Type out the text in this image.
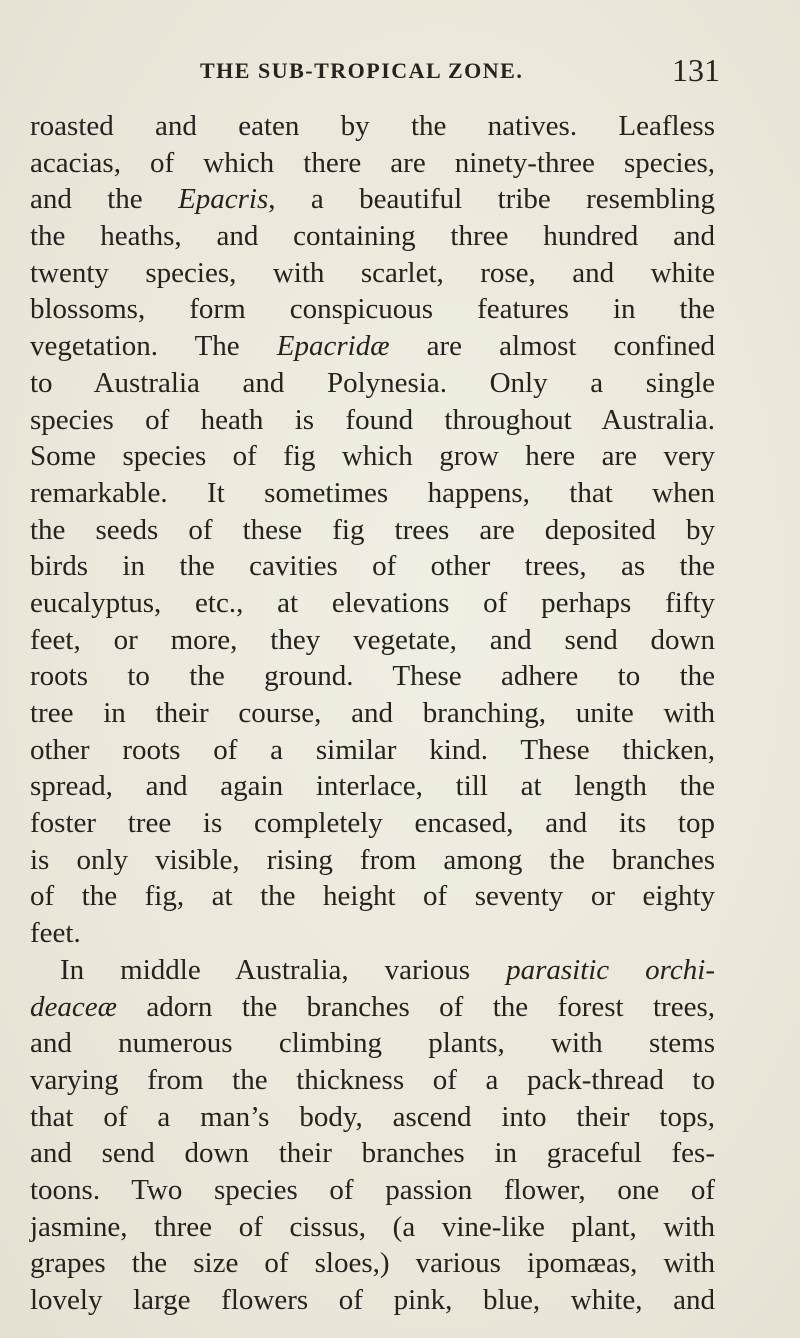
THE SUB-TROPICAL ZONE.	131
roasted and eaten by the natives. Leafless
acacias, of which there are ninety-three species,
and the Epacris, a beautiful tribe resembling
the heaths, and containing three hundred and
twenty species, with scarlet, rose, and white
blossoms, form conspicuous features in the
vegetation. The Epacridæ are almost confined
to Australia and Polynesia. Only a single
species of heath is found throughout Australia.
Some species of fig which grow here are very
remarkable. It sometimes happens, that when
the seeds of these fig trees are deposited by
birds in the cavities of other trees, as the
eucalyptus, etc., at elevations of perhaps fifty
feet, or more, they vegetate, and send down
roots to the ground. These adhere to the
tree in their course, and branching, unite with
other roots of a similar kind. These thicken,
spread, and again interlace, till at length the
foster tree is completely encased, and its top
is only visible, rising from among the branches
of the fig, at the height of seventy or eighty
feet.
In middle Australia, various parasitic orchi-
deaceæ adorn the branches of the forest trees,
and numerous climbing plants, with stems
varying from the thickness of a pack-thread to
that of a man’s body, ascend into their tops,
and send down their branches in graceful fes-
toons. Two species of passion flower, one of
jasmine, three of cissus, (a vine-like plant, with
grapes the size of sloes,) various ipomæas, with
lovely large flowers of pink, blue, white, and
